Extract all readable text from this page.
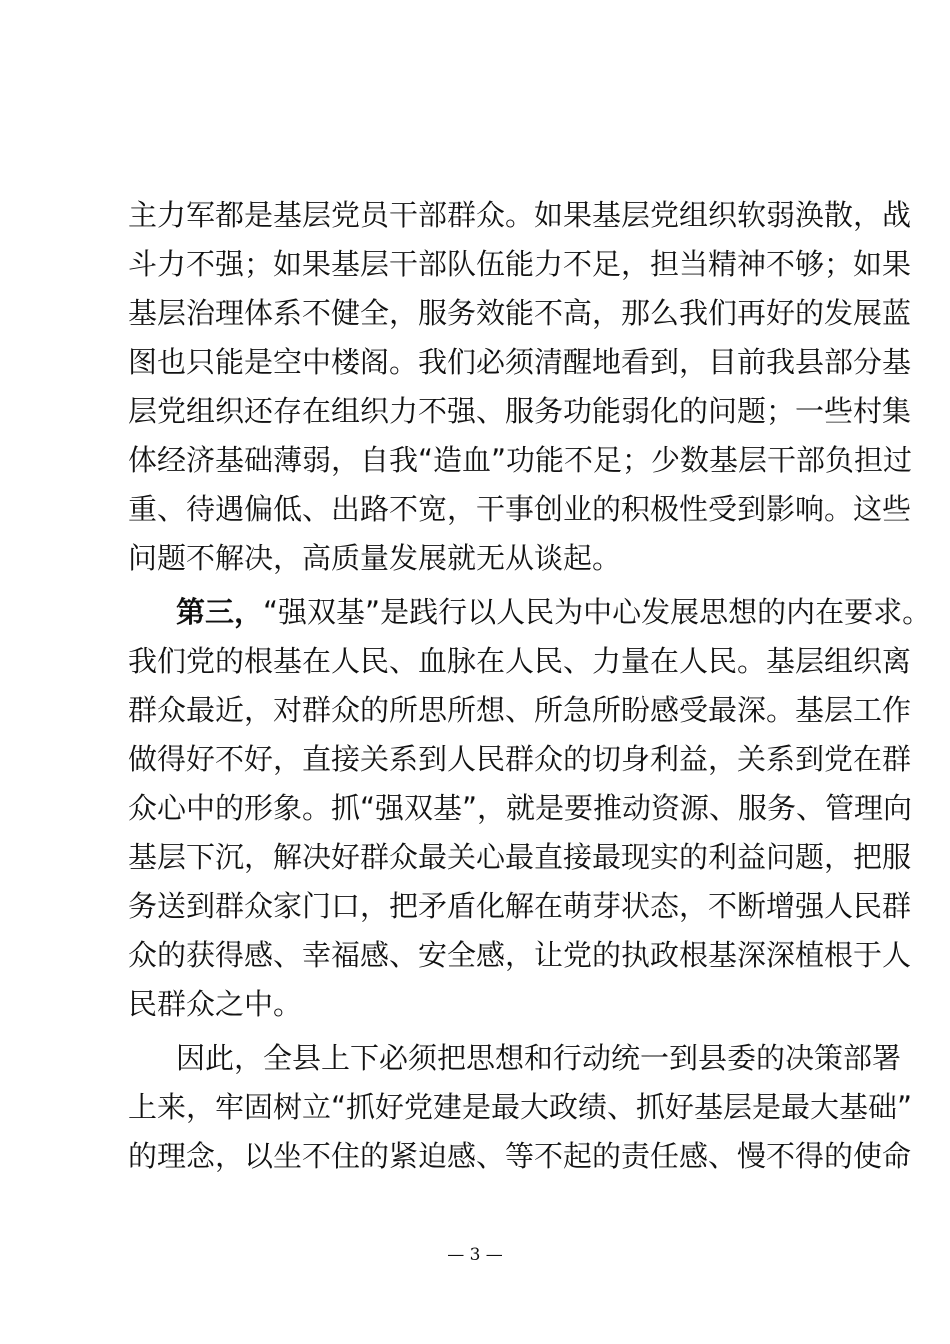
主力军都是基层党员干部群众。如果基层党组织软弱涣散，战
斗力不强；如果基层干部队伍能力不足，担当精神不够；如果
基层治理体系不健全，服务效能不高，那么我们再好的发展蓝
图也只能是空中楼阁。我们必须清醒地看到，目前我县部分基
层党组织还存在组织力不强、服务功能弱化的问题；一些村集
体经济基础薄弱，自我“造血”功能不足；少数基层干部负担过
重、待遇偏低、出路不宽，干事创业的积极性受到影响。这些
问题不解决，高质量发展就无从谈起。
第三，“强双基”是践行以人民为中心发展思想的内在要求。
我们党的根基在人民、血脉在人民、力量在人民。基层组织离
群众最近，对群众的所思所想、所急所盼感受最深。基层工作
做得好不好，直接关系到人民群众的切身利益，关系到党在群
众心中的形象。抓“强双基”，就是要推动资源、服务、管理向
基层下沉，解决好群众最关心最直接最现实的利益问题，把服
务送到群众家门口，把矛盾化解在萌芽状态，不断增强人民群
众的获得感、幸福感、安全感，让党的执政根基深深植根于人
民群众之中。
因此，全县上下必须把思想和行动统一到县委的决策部署
上来，牢固树立“抓好党建是最大政绩、抓好基层是最大基础”
的理念，以坐不住的紧迫感、等不起的责任感、慢不得的使命
— 3 —
